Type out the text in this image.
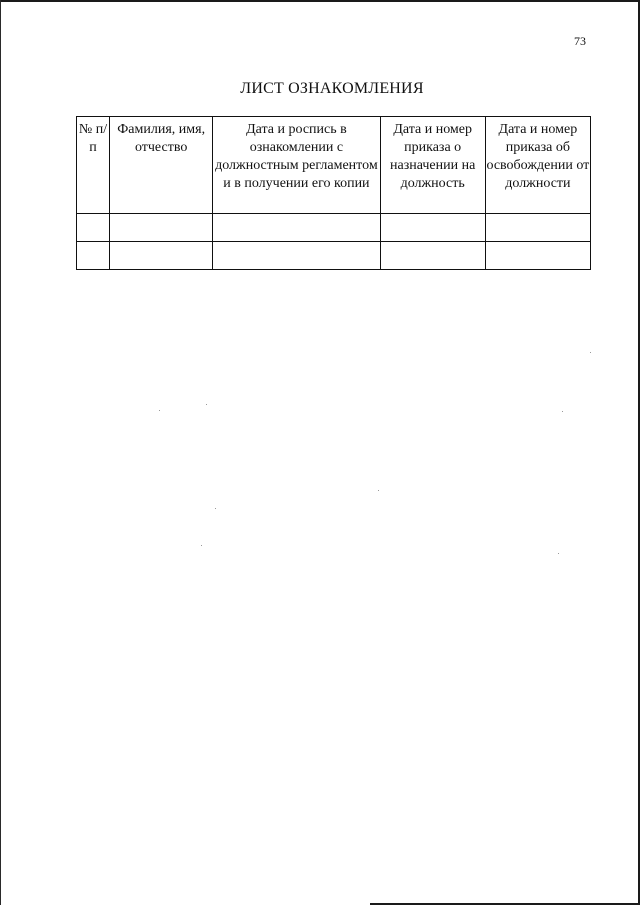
73
ЛИСТ ОЗНАКОМЛЕНИЯ
№ п/п	Фамилия, имя, отчество	Дата и роспись в ознакомлении с должностным регламентом и в получении его копии	Дата и номер приказа о назначении на должность	Дата и номер приказа об освобождении от должности
